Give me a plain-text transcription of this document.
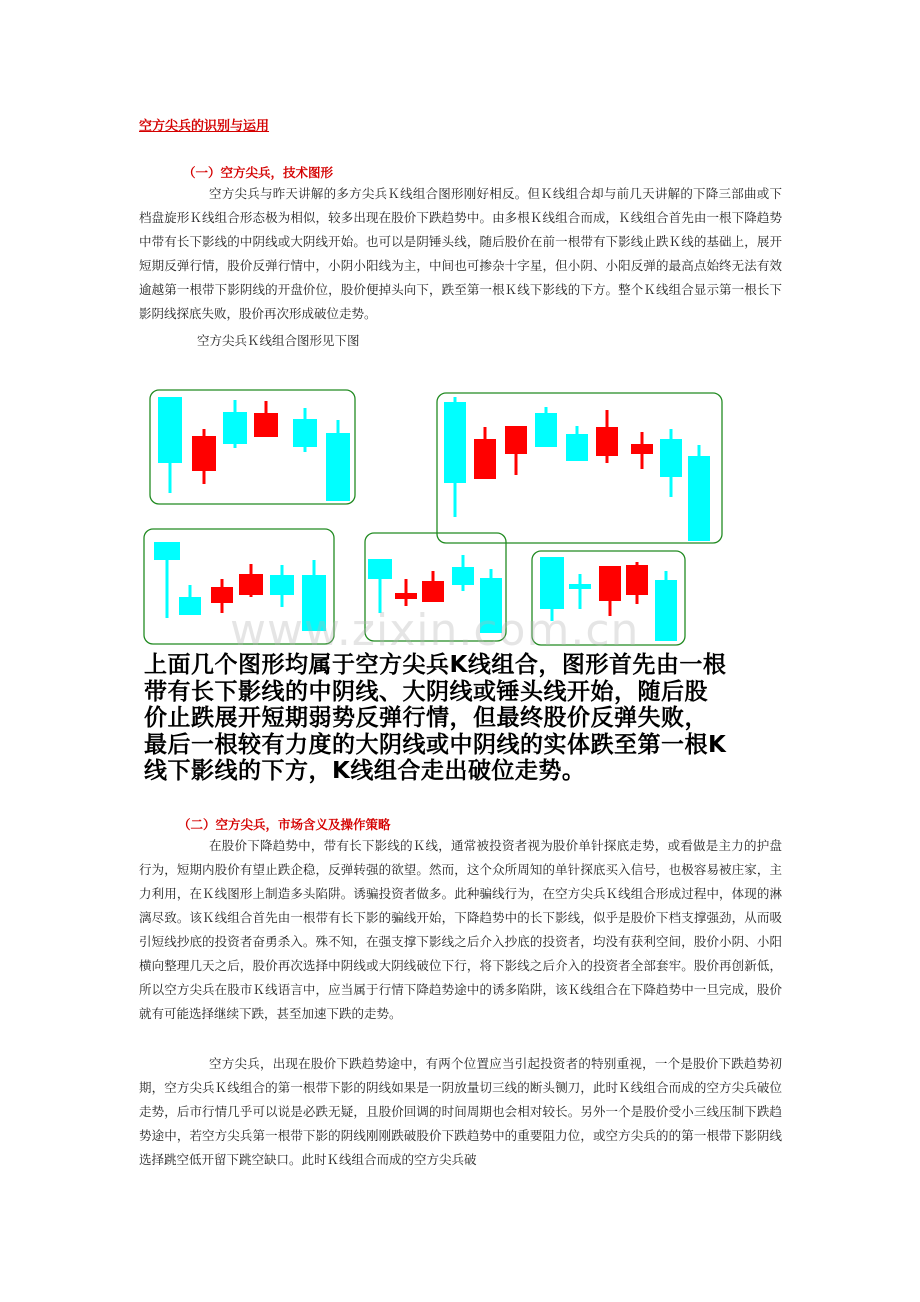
空方尖兵的识别与运用
（一）空方尖兵，技术图形

空方尖兵与昨天讲解的多方尖兵Ｋ线组合图形刚好相反。但Ｋ线组合却与前几天讲解的下降三部曲或下档盘旋形Ｋ线组合形态极为相似，较多出现在股价下跌趋势中。由多根Ｋ线组合而成，Ｋ线组合首先由一根下降趋势中带有长下影线的中阴线或大阴线开始。也可以是阴锤头线，随后股价在前一根带有下影线止跌Ｋ线的基础上，展开短期反弹行情，股价反弹行情中，小阴小阳线为主，中间也可掺杂十字星，但小阴、小阳反弹的最高点始终无法有效逾越第一根带下影阴线的开盘价位，股价便掉头向下，跌至第一根Ｋ线下影线的下方。整个Ｋ线组合显示第一根长下影阴线探底失败，股价再次形成破位走势。

空方尖兵Ｋ线组合图形见下图
www.zixin.com.cn
上面几个图形均属于空方尖兵K线组合，图形首先由一根带有长下影线的中阴线、大阴线或锤头线开始，随后股价止跌展开短期弱势反弹行情，但最终股价反弹失败，最后一根较有力度的大阴线或中阴线的实体跌至第一根K线下影线的下方，K线组合走出破位走势。
（二）空方尖兵，市场含义及操作策略

在股价下降趋势中，带有长下影线的Ｋ线，通常被投资者视为股价单针探底走势，或看做是主力的护盘行为，短期内股价有望止跌企稳，反弹转强的欲望。然而，这个众所周知的单针探底买入信号，也极容易被庄家，主力利用，在Ｋ线图形上制造多头陷阱。诱骗投资者做多。此种骗线行为，在空方尖兵Ｋ线组合形成过程中，体现的淋漓尽致。该Ｋ线组合首先由一根带有长下影的骗线开始，下降趋势中的长下影线，似乎是股价下档支撑强劲，从而吸引短线抄底的投资者奋勇杀入。殊不知，在强支撑下影线之后介入抄底的投资者，均没有获利空间，股价小阴、小阳横向整理几天之后，股价再次选择中阴线或大阴线破位下行，将下影线之后介入的投资者全部套牢。股价再创新低，所以空方尖兵在股市Ｋ线语言中，应当属于行情下降趋势途中的诱多陷阱，该Ｋ线组合在下降趋势中一旦完成，股价就有可能选择继续下跌，甚至加速下跌的走势。

空方尖兵，出现在股价下跌趋势途中，有两个位置应当引起投资者的特别重视，一个是股价下跌趋势初期，空方尖兵Ｋ线组合的第一根带下影的阴线如果是一阴放量切三线的断头铡刀，此时Ｋ线组合而成的空方尖兵破位走势，后市行情几乎可以说是必跌无疑，且股价回调的时间周期也会相对较长。另外一个是股价受小三线压制下跌趋势途中，若空方尖兵第一根带下影的阴线刚刚跌破股价下跌趋势中的重要阻力位，或空方尖兵的的第一根带下影阴线选择跳空低开留下跳空缺口。此时Ｋ线组合而成的空方尖兵破
